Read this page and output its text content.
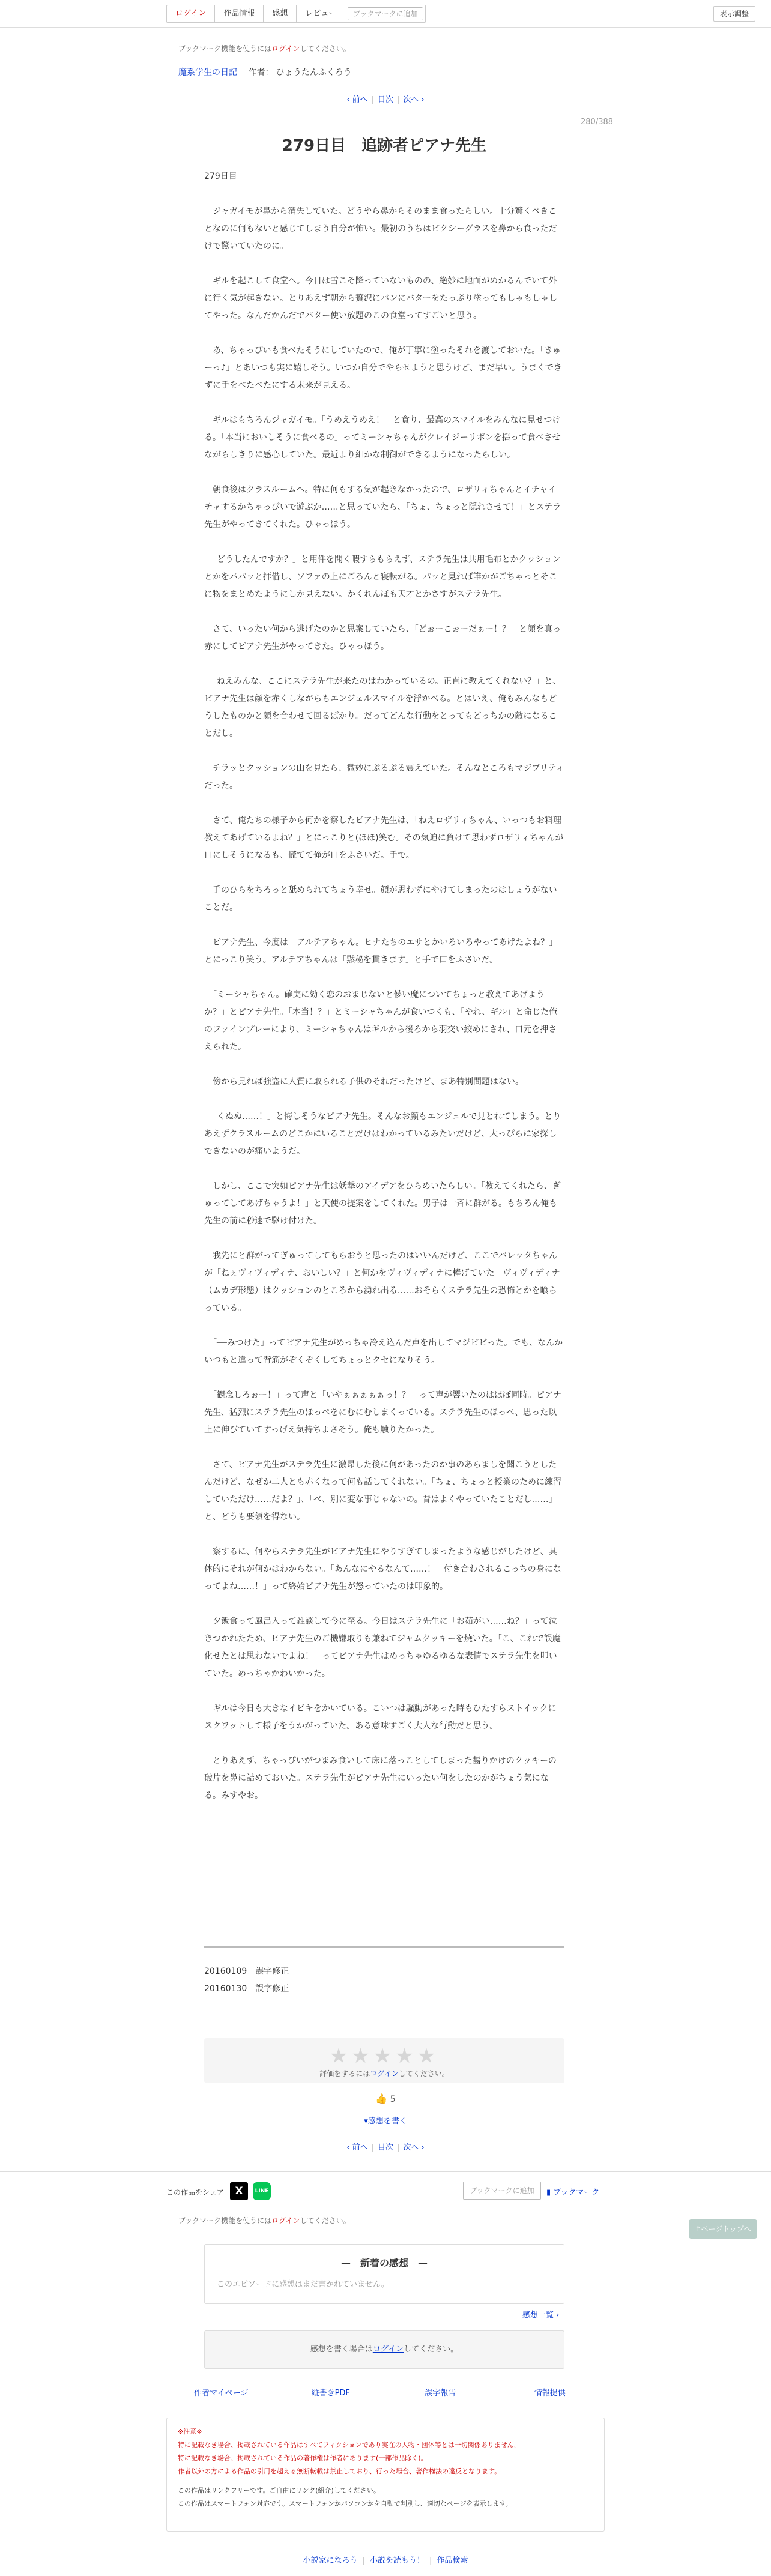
ログイン	作品情報	感想	レビュー	ブックマークに追加	表示調整
ブックマーク機能を使うにはログインしてください。
魔系学生の日記 作者： ひょうたんふくろう
‹ 前へ | 目次 | 次へ ›
280/388
279日目　追跡者ピアナ先生

279日目

　ジャガイモが鼻から消失していた。どうやら鼻からそのまま食ったらしい。十分驚くべきことなのに何もないと感じてしまう自分が怖い。最初のうちはピクシーグラスを鼻から食っただけで驚いていたのに。

　ギルを起こして食堂へ。今日は雪こそ降っていないものの、絶妙に地面がぬかるんでいて外に行く気が起きない。とりあえず朝から贅沢にバンにバターをたっぷり塗ってもしゃもしゃしてやった。なんだかんだでバター使い放題のこの食堂ってすごいと思う。

　あ、ちゃっぴいも食べたそうにしていたので、俺が丁寧に塗ったそれを渡しておいた。「きゅーっ♪」とあいつも実に嬉しそう。いつか自分でやらせようと思うけど、まだ早い。うまくできずに手をべたべたにする未来が見える。

　ギルはもちろんジャガイモ。「うめえうめえ！」と貪り、最高のスマイルをみんなに見せつける。「本当においしそうに食べるの」ってミーシャちゃんがクレイジーリボンを揺って食べさせながらしきりに感心していた。最近より細かな制御ができるようになったらしい。

　朝食後はクラスルームへ。特に何もする気が起きなかったので、ロザリィちゃんとイチャイチャするかちゃっぴいで遊ぶか……と思っていたら、「ちょ、ちょっと隠れさせて！」とステラ先生がやってきてくれた。ひゃっほう。

　「どうしたんですか？」と用件を聞く暇すらもらえず、ステラ先生は共用毛布とかクッションとかをパパッと拝借し、ソファの上にごろんと寝転がる。パッと見れば誰かがごちゃっとそこに物をまとめたようにしか見えない。かくれんぼも天才とかさすがステラ先生。

　さて、いったい何から逃げたのかと思案していたら、「どぉーこぉーだぁー！？」と顔を真っ赤にしてピアナ先生がやってきた。ひゃっほう。

　「ねえみんな、ここにステラ先生が来たのはわかっているの。正直に教えてくれない？」と、ピアナ先生は顔を赤くしながらもエンジェルスマイルを浮かべる。とはいえ、俺もみんなもどうしたものかと顔を合わせて回るばかり。だってどんな行動をとってもどっちかの敵になることだし。

　チラッとクッションの山を見たら、微妙にぷるぷる震えていた。そんなところもマジプリティだった。

　さて、俺たちの様子から何かを察したピアナ先生は、「ねえロザリィちゃん、いっつもお料理教えてあげているよね？」とにっこりと(ほほ)笑む。その気迫に負けて思わずロザリィちゃんが口にしそうになるも、慌てて俺が口をふさいだ。手で。

　手のひらをちろっと舐められてちょう幸せ。顔が思わずにやけてしまったのはしょうがないことだ。

　ピアナ先生、今度は「アルテアちゃん。ヒナたちのエサとかいろいろやってあげたよね？」とにっこり笑う。アルテアちゃんは「黙秘を貫きます」と手で口をふさいだ。

　「ミーシャちゃん。確実に効く恋のおまじないと儚い魔についてちょっと教えてあげようか？」とピアナ先生。「本当！？」とミーシャちゃんが食いつくも、「やれ、ギル」と命じた俺のファインプレーにより、ミーシャちゃんはギルから後ろから羽交い絞めにされ、口元を押さえられた。

　傍から見れば強盗に人質に取られる子供のそれだったけど、まあ特別問題はない。

　「くぬぬ……！」と悔しそうなピアナ先生。そんなお顔もエンジェルで見とれてしまう。とりあえずクラスルームのどこかにいることだけはわかっているみたいだけど、大っぴらに家探しできないのが痛いようだ。

　しかし、ここで突如ピアナ先生は妖撃のアイデアをひらめいたらしい。「教えてくれたら、ぎゅってしてあげちゃうよ！」と天使の提案をしてくれた。男子は一斉に群がる。もちろん俺も先生の前に秒速で駆け付けた。

　我先にと群がってぎゅってしてもらおうと思ったのはいいんだけど、ここでバレッタちゃんが「ねぇヴィヴィディナ、おいしい？」と何かをヴィヴィディナに棒げていた。ヴィヴィディナ（ムカデ形態）はクッションのところから湧れ出る……おそらくステラ先生の恐怖とかを喰らっている。

　「──みつけた」ってピアナ先生がめっちゃ冷え込んだ声を出してマジビビった。でも、なんかいつもと違って背筋がぞくぞくしてちょっとクセになりそう。

　「観念しろぉー！」って声と「いやぁぁぁぁぁっ！？」って声が響いたのはほぼ同時。ピアナ先生、猛烈にステラ先生のほっぺをにむにむしまくっている。ステラ先生のほっぺ、思った以上に伸びていてすっげえ気持ちよさそう。俺も触りたかった。

　さて、ピアナ先生がステラ先生に激昂した後に何があったのか事のあらましを聞こうとしたんだけど、なぜか二人とも赤くなって何も話してくれない。「ちょ、ちょっと授業のために練習していただけ……だよ？」、「べ、別に変な事じゃないの。昔はよくやっていたことだし……」と、どうも要領を得ない。

　察するに、何やらステラ先生がピアナ先生にやりすぎてしまったような感じがしたけど、具体的にそれが何かはわからない。「あんなにやるなんて……！　付き合わされるこっちの身になってよね……！」って終始ピアナ先生が怒っていたのは印象的。

　夕飯食って風呂入って雑談して今に至る。今日はステラ先生に「お茹がい……ね？」って泣きつかれたため、ピアナ先生のご機嫌取りも兼ねてジャムクッキーを焼いた。「こ、これで誤魔化せたとは思わないでよね！」ってピアナ先生はめっちゃゆるゆるな表情でステラ先生を叩いていた。めっちゃかわいかった。

　ギルは今日も大きなイビキをかいている。こいつは騒動があった時もひたすらストイックにスクワットして様子をうかがっていた。ある意味すごく大人な行動だと思う。

　とりあえず、ちゃっぴいがつまみ食いして床に落っことしてしまった齧りかけのクッキーの破片を鼻に詰めておいた。ステラ先生がピアナ先生にいったい何をしたのかがちょう気になる。みすやお。

20160109　誤字修正

20160130　誤字修正

★★★★★
評価をするにはログインしてください。
👍 5
▾感想を書く
‹ 前へ | 目次 | 次へ ›
この作品をシェア	X	LINE	ブックマークに追加	▮ ブックマーク
ブックマーク機能を使うにはログインしてください。
↑ページトップへ
—　新着の感想　—
このエピソードに感想はまだ書かれていません。
感想一覧 ›
感想を書く場合はログインしてください。
作者マイページ	縦書きPDF	誤字報告	情報提供
※注意※
特に記載なき場合、掲載されている作品はすべてフィクションであり実在の人物・団体等とは一切関係ありません。
特に記載なき場合、掲載されている作品の著作権は作者にあります(一部作品除く)。
作者以外の方による作品の引用を超える無断転載は禁止しており、行った場合、著作権法の違反となります。
この作品はリンクフリーです。ご自由にリンク(紹介)してください。
この作品はスマートフォン対応です。スマートフォンかパソコンかを自動で判別し、適切なページを表示します。
小説家になろう | 小説を読もう！ | 作品検索
